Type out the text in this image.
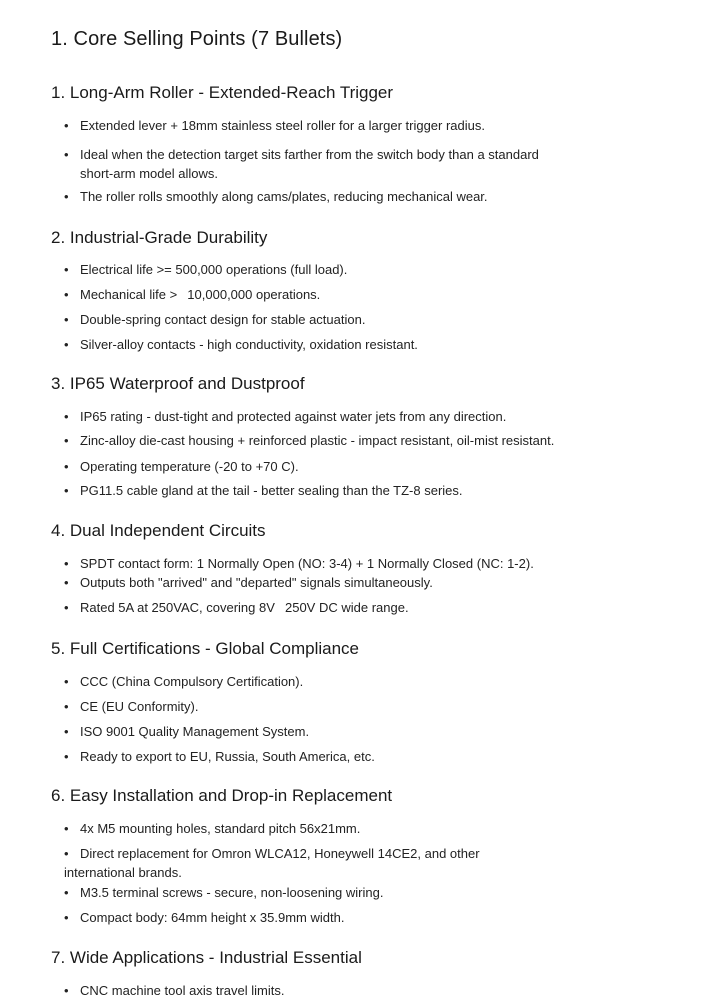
1. Core Selling Points (7 Bullets)
1. Long-Arm Roller - Extended-Reach Trigger
• Extended lever + 18mm stainless steel roller for a larger trigger radius.
• Ideal when the detection target sits farther from the switch body than a standard
short-arm model allows.
• The roller rolls smoothly along cams/plates, reducing mechanical wear.
2. Industrial-Grade Durability
• Electrical life >= 500,000 operations (full load).
• Mechanical life >  10,000,000 operations.
• Double-spring contact design for stable actuation.
• Silver-alloy contacts - high conductivity, oxidation resistant.
3. IP65 Waterproof and Dustproof
• IP65 rating - dust-tight and protected against water jets from any direction.
• Zinc-alloy die-cast housing + reinforced plastic - impact resistant, oil-mist resistant.
• Operating temperature (-20 to +70 C).
• PG11.5 cable gland at the tail - better sealing than the TZ-8 series.
4. Dual Independent Circuits
• SPDT contact form: 1 Normally Open (NO: 3-4) + 1 Normally Closed (NC: 1-2).
• Outputs both "arrived" and "departed" signals simultaneously.
• Rated 5A at 250VAC, covering 8V  250V DC wide range.
5. Full Certifications - Global Compliance
• CCC (China Compulsory Certification).
• CE (EU Conformity).
• ISO 9001 Quality Management System.
• Ready to export to EU, Russia, South America, etc.
6. Easy Installation and Drop-in Replacement
• 4x M5 mounting holes, standard pitch 56x21mm.
• Direct replacement for Omron WLCA12, Honeywell 14CE2, and other
international brands.
• M3.5 terminal screws - secure, non-loosening wiring.
• Compact body: 64mm height x 35.9mm width.
7. Wide Applications - Industrial Essential
• CNC machine tool axis travel limits.
